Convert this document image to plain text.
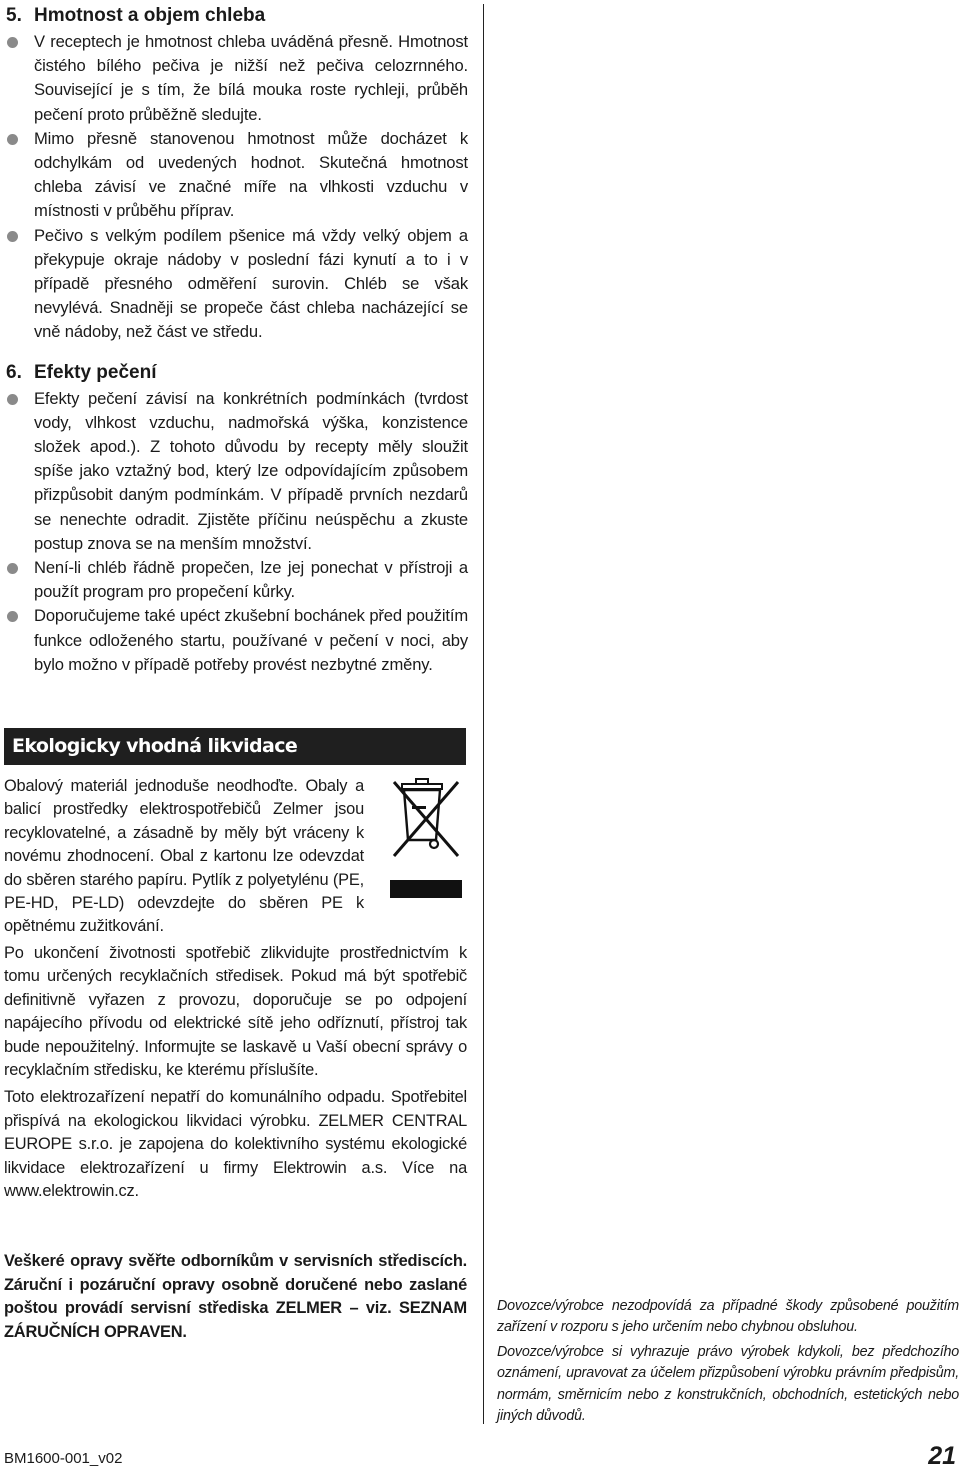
5. Hmotnost a objem chleba
V receptech je hmotnost chleba uváděná přesně. Hmotnost čistého bílého pečiva je nižší než pečiva celozrnného. Související je s tím, že bílá mouka roste rychleji, průběh pečení proto průběžně sledujte.
Mimo přesně stanovenou hmotnost může docházet k odchylkám od uvedených hodnot. Skutečná hmotnost chleba závisí ve značné míře na vlhkosti vzduchu v místnosti v průběhu příprav.
Pečivo s velkým podílem pšenice má vždy velký objem a překypuje okraje nádoby v poslední fázi kynutí a to i v případě přesného odměření surovin. Chléb se však nevylévá. Snadněji se propeče část chleba nacházející se vně nádoby, než část ve středu.
6. Efekty pečení
Efekty pečení závisí na konkrétních podmínkách (tvrdost vody, vlhkost vzduchu, nadmořská výška, konzistence složek apod.). Z tohoto důvodu by recepty měly sloužit spíše jako vztažný bod, který lze odpovídajícím způsobem přizpůsobit daným podmínkám. V případě prvních nezdarů se nenechte odradit. Zjistěte příčinu neúspěchu a zkuste postup znova se na menším množství.
Není-li chléb řádně propečen, lze jej ponechat v přístroji a použít program pro propečení kůrky.
Doporučujeme také upéct zkušební bochánek před použitím funkce odloženého startu, používané v pečení v noci, aby bylo možno v případě potřeby provést nezbytné změny.
Ekologicky vhodná likvidace

Obalový materiál jednoduše neodhoďte. Obaly a balicí prostředky elektrospotřebičů Zelmer jsou recyklovatelné, a zásadně by měly být vráceny k novému zhodnocení. Obal z kartonu lze odevzdat do sběren starého papíru. Pytlík z polyetylénu (PE, PE-HD, PE-LD) odevzdejte do sběren PE k opětnému zužitkování.

Po ukončení životnosti spotřebič zlikvidujte prostřednictvím k tomu určených recyklačních středisek. Pokud má být spotřebič definitivně vyřazen z provozu, doporučuje se po odpojení napájecího přívodu od elektrické sítě jeho odříznutí, přístroj tak bude nepoužitelný. Informujte se laskavě u Vaší obecní správy o recyklačním středisku, ke kterému příslušíte.

Toto elektrozařízení nepatří do komunálního odpadu. Spotřebitel přispívá na ekologickou likvidaci výrobku. ZELMER CENTRAL EUROPE s.r.o. je zapojena do kolektivního systému ekologické likvidace elektrozařízení u firmy Elektrowin a.s. Více na www.elektrowin.cz.

Veškeré opravy svěřte odborníkům v servisních střediscích. Záruční i pozáruční opravy osobně doručené nebo zaslané poštou provádí servisní střediska ZELMER – viz. SEZNAM ZÁRUČNÍCH OPRAVEN.

Dovozce/výrobce nezodpovídá za případné škody způsobené použitím zařízení v rozporu s jeho určením nebo chybnou obsluhou.

Dovozce/výrobce si vyhrazuje právo výrobek kdykoli, bez předchozího oznámení, upravovat za účelem přizpůsobení výrobku právním předpisům, normám, směrnicím nebo z konstrukčních, obchodních, estetických nebo jiných důvodů.

BM1600-001_v02	21
